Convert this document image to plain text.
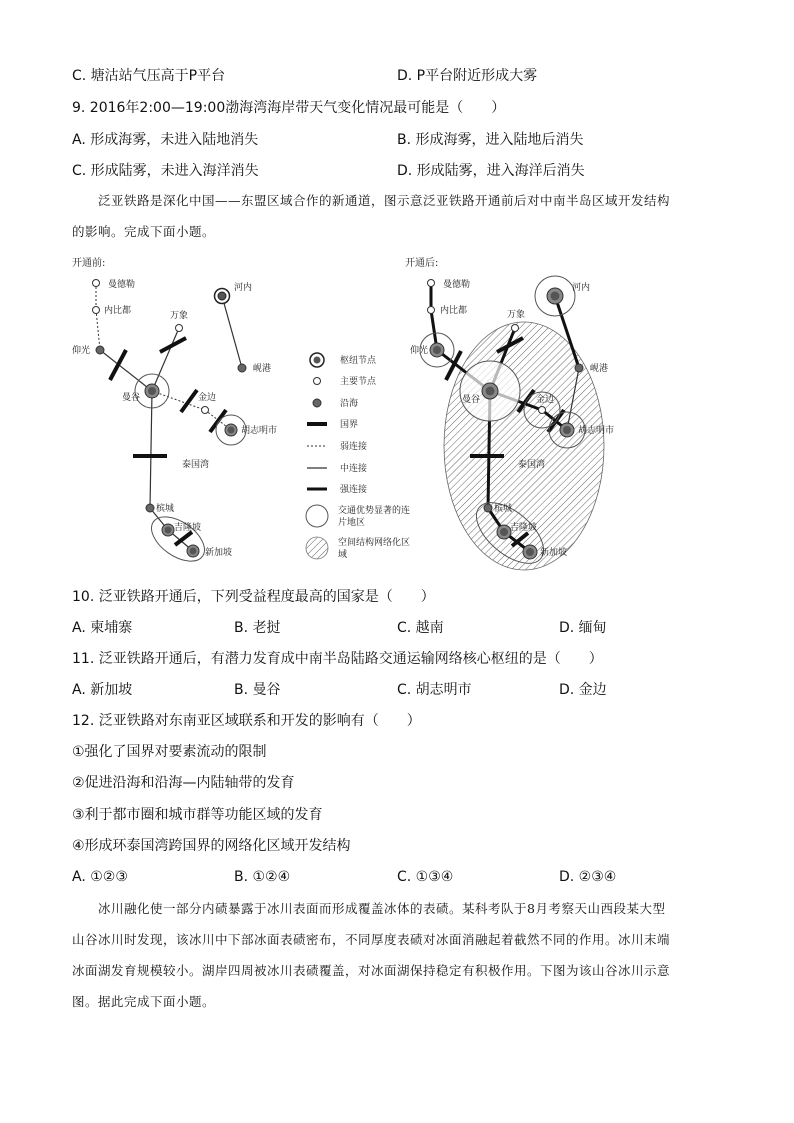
C. 塘沽站气压高于P平台	D. P平台附近形成大雾
9. 2016年2:00—19:00渤海湾海岸带天气变化情况最可能是（　　）
A. 形成海雾，未进入陆地消失	B. 形成海雾，进入陆地后消失
C. 形成陆雾，未进入海洋消失	D. 形成陆雾，进入海洋后消失
泛亚铁路是深化中国——东盟区域合作的新通道，图示意泛亚铁路开通前后对中南半岛区域开发结构
的影响。完成下面小题。
开通前:
曼德勒
内比都
仰光
万象
河内
岘港
曼谷	金边
胡志明市
泰国湾
槟城
吉隆坡
新加坡
枢纽节点
主要节点
沿海
国界
弱连接
中连接
强连接
交通优势显著的连片地区
空间结构网络化区域
开通后:
曼德勒
内比都
仰光
万象
河内
岘港
曼谷	金边
胡志明市
泰国湾
槟城
吉隆坡
新加坡
10. 泛亚铁路开通后，下列受益程度最高的国家是（　　）
A. 柬埔寨	B. 老挝	C. 越南	D. 缅甸
11. 泛亚铁路开通后，有潜力发育成中南半岛陆路交通运输网络核心枢纽的是（　　）
A. 新加坡	B. 曼谷	C. 胡志明市	D. 金边
12. 泛亚铁路对东南亚区域联系和开发的影响有（　　）
①强化了国界对要素流动的限制
②促进沿海和沿海—内陆轴带的发育
③利于都市圈和城市群等功能区域的发育
④形成环泰国湾跨国界的网络化区域开发结构
A. ①②③	B. ①②④	C. ①③④	D. ②③④
冰川融化使一部分内碛暴露于冰川表面而形成覆盖冰体的表碛。某科考队于8月考察天山西段某大型
山谷冰川时发现，该冰川中下部冰面表碛密布，不同厚度表碛对冰面消融起着截然不同的作用。冰川末端
冰面湖发育规模较小。湖岸四周被冰川表碛覆盖，对冰面湖保持稳定有积极作用。下图为该山谷冰川示意
图。据此完成下面小题。
